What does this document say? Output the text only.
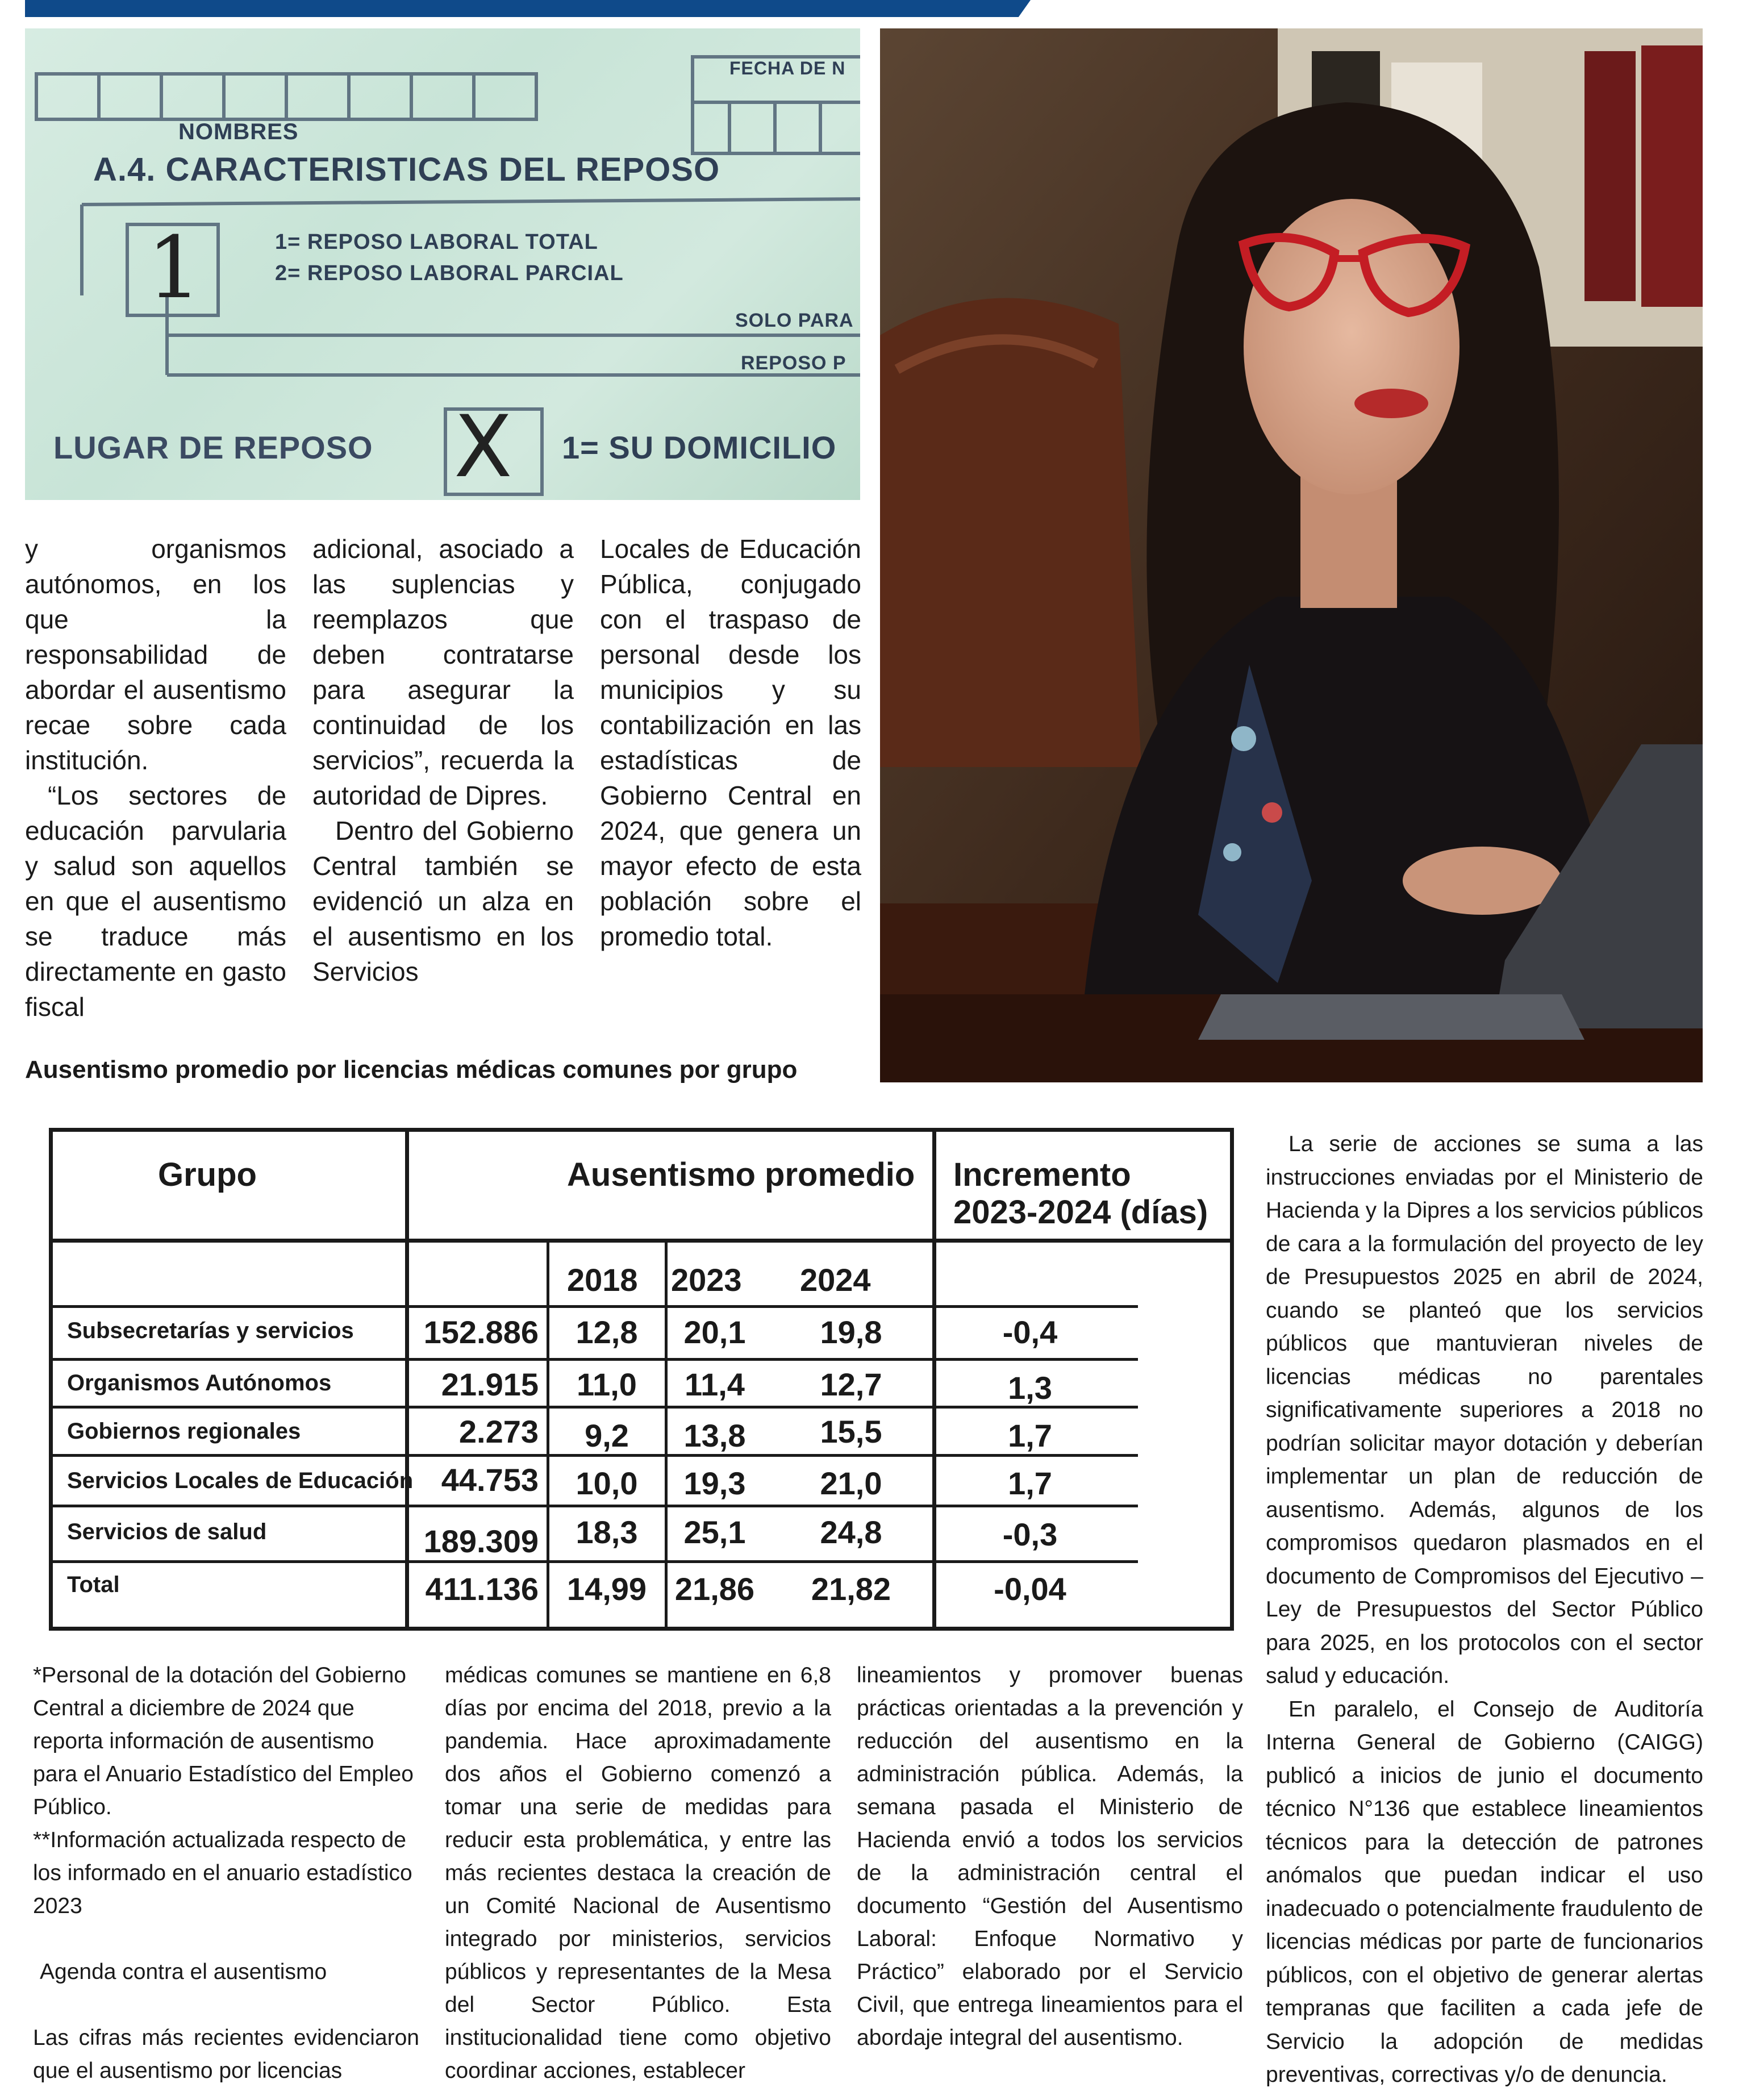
FECHA DE N
NOMBRES
A.4. CARACTERISTICAS DEL REPOSO
1	1= REPOSO LABORAL TOTAL
2= REPOSO LABORAL PARCIAL
SOLO PARA
REPOSO P
LUGAR DE REPOSO X 1= SU DOMICILIO

y organismos autónomos, en los que la responsabilidad de abordar el ausentismo recae sobre cada institución.

“Los sectores de educación parvularia y salud son aquellos en que el ausentismo se traduce más directamente en gasto fiscal

adicional, asociado a las suplencias y reemplazos que deben contratarse para asegurar la continuidad de los servicios”, recuerda la autoridad de Dipres.

Dentro del Gobierno Central también se evidenció un alza en el ausentismo en los Servicios

Locales de Educación Pública, conjugado con el traspaso de personal desde los municipios y su contabilización en las estadísticas de Gobierno Central en 2024, que genera un mayor efecto de esta población sobre el promedio total.

Ausentismo promedio por licencias médicas comunes por grupo
Grupo	Ausentismo promedio Incremento
2023-2024 (días)
2018 2023 2024
Subsecretarías y servicios	152.886	12,8	20,1	19,8	-0,4
Organismos Autónomos	21.915	11,0	11,4	12,7	1,3
Gobiernos regionales	2.273	9,2	13,8	15,5	1,7
Servicios Locales de Educación 44.753	10,0	19,3	21,0	1,7
Servicios de salud	189.309	18,3	25,1	24,8	-0,3
Total	411.136 14,99 21,86	21,82	-0,04

La serie de acciones se suma a las instrucciones enviadas por el Ministerio de Hacienda y la Dipres a los servicios públicos de cara a la formulación del proyecto de ley de Presupuestos 2025 en abril de 2024, cuando se planteó que los servicios públicos que mantuvieran niveles de licencias médicas no parentales significativamente superiores a 2018 no podrían solicitar mayor dotación y deberían implementar un plan de reducción de ausentismo. Además, algunos de los compromisos quedaron plasmados en el documento de Compromisos del Ejecutivo – Ley de Presupuestos del Sector Público para 2025, en los protocolos con el sector salud y educación.

En paralelo, el Consejo de Auditoría Interna General de Gobierno (CAIGG) publicó a inicios de junio el documento técnico N°136 que establece lineamientos técnicos para la detección de patrones anómalos que puedan indicar el uso inadecuado o potencialmente fraudulento de licencias médicas por parte de funcionarios públicos, con el objetivo de generar alertas tempranas que faciliten a cada jefe de Servicio la adopción de medidas preventivas, correctivas y/o de denuncia.

*Personal de la dotación del Gobierno Central a diciembre de 2024 que reporta información de ausentismo para el Anuario Estadístico del Empleo Público.

**Información actualizada respecto de los informado en el anuario estadístico 2023

Agenda contra el ausentismo

Las cifras más recientes evidenciaron que el ausentismo por licencias

médicas comunes se mantiene en 6,8 días por encima del 2018, previo a la pandemia. Hace aproximadamente dos años el Gobierno comenzó a tomar una serie de medidas para reducir esta problemática, y entre las más recientes destaca la creación de un Comité Nacional de Ausentismo integrado por ministerios, servicios públicos y representantes de la Mesa del Sector Público. Esta institucionalidad tiene como objetivo coordinar acciones, establecer

lineamientos y promover buenas prácticas orientadas a la prevención y reducción del ausentismo en la administración pública. Además, la semana pasada el Ministerio de Hacienda envió a todos los servicios de la administración central el documento “Gestión del Ausentismo Laboral: Enfoque Normativo y Práctico” elaborado por el Servicio Civil, que entrega lineamientos para el abordaje integral del ausentismo.
